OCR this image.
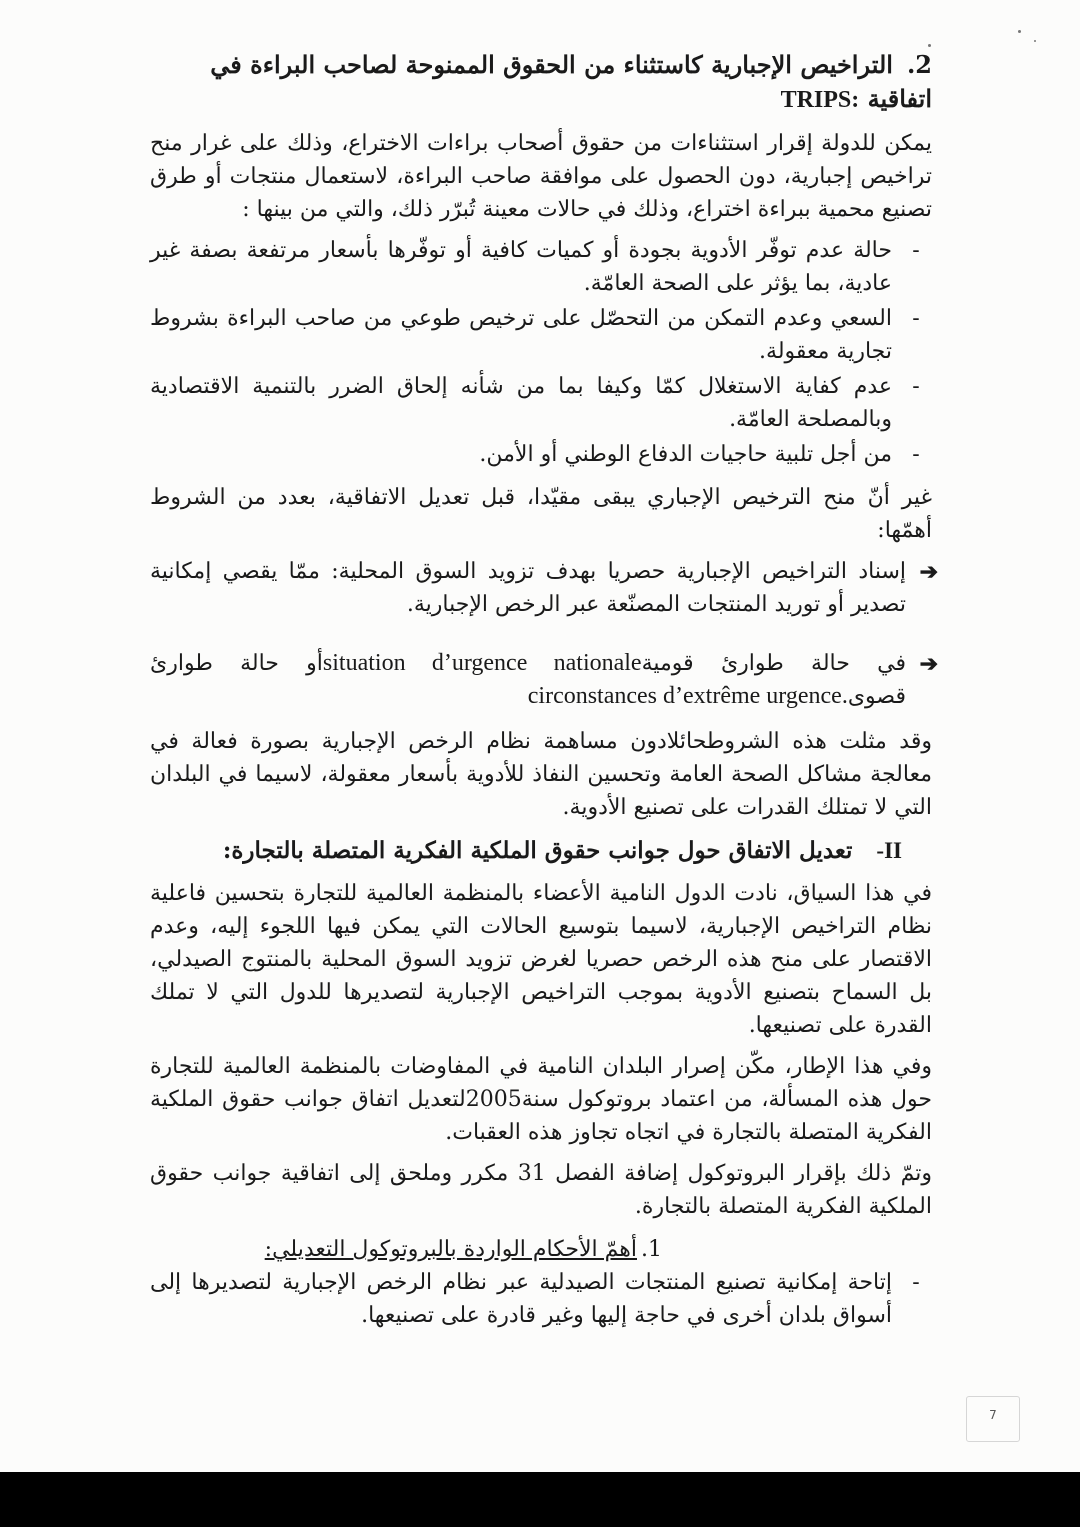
2.التراخيص الإجبارية كاستثناء من الحقوق الممنوحة لصاحب البراءة في
اتفاقية TRIPS:

يمكن للدولة إقرار استثناءات من حقوق أصحاب براءات الاختراع، وذلك على غرار منح تراخيص إجبارية، دون الحصول على موافقة صاحب البراءة، لاستعمال منتجات أو طرق تصنيع محمية ببراءة اختراع، وذلك في حالات معينة تُبرّر ذلك، والتي من بينها :

-
حالة عدم توفّر الأدوية بجودة أو كميات كافية أو توفّرها بأسعار مرتفعة بصفة غير عادية، بما يؤثر على الصحة العامّة.
-
السعي وعدم التمكن من التحصّل على ترخيص طوعي من صاحب البراءة بشروط تجارية معقولة.
-
عدم كفاية الاستغلال كمّا وكيفا بما من شأنه إلحاق الضرر بالتنمية الاقتصادية وبالمصلحة العامّة.
-
من أجل تلبية حاجيات الدفاع الوطني أو الأمن.

غير أنّ منح الترخيص الإجباري يبقى مقيّدا، قبل تعديل الاتفاقية، بعدد من الشروط أهمّها:

➔
إسناد التراخيص الإجبارية حصريا بهدف تزويد السوق المحلية: ممّا يقصي إمكانية تصدير أو توريد المنتجات المصنّعة عبر الرخص الإجبارية.
➔
في حالة طوارئ قوميةsituation d’urgence nationaleأو حالة طوارئ قصوىcirconstances d’extrême urgence.

وقد مثلت هذه الشروطحائلادون مساهمة نظام الرخص الإجبارية بصورة فعالة في معالجة مشاكل الصحة العامة وتحسين النفاذ للأدوية بأسعار معقولة، لاسيما في البلدان التي لا تمتلك القدرات على تصنيع الأدوية.

II-تعديل الاتفاق حول جوانب حقوق الملكية الفكرية المتصلة بالتجارة:

في هذا السياق، نادت الدول النامية الأعضاء بالمنظمة العالمية للتجارة بتحسين فاعلية نظام التراخيص الإجبارية، لاسيما بتوسيع الحالات التي يمكن فيها اللجوء إليه، وعدم الاقتصار على منح هذه الرخص حصريا لغرض تزويد السوق المحلية بالمنتوج الصيدلي، بل السماح بتصنيع الأدوية بموجب التراخيص الإجبارية لتصديرها للدول التي لا تملك القدرة على تصنيعها.

وفي هذا الإطار، مكّن إصرار البلدان النامية في المفاوضات بالمنظمة العالمية للتجارة حول هذه المسألة، من اعتماد بروتوكول سنة2005لتعديل اتفاق جوانب حقوق الملكية الفكرية المتصلة بالتجارة في اتجاه تجاوز هذه العقبات.

وتمّ ذلك بإقرار البروتوكول إضافة الفصل 31 مكرر وملحق إلى اتفاقية جوانب حقوق الملكية الفكرية المتصلة بالتجارة.

1.أهمّ الأحكام الواردة بالبروتوكول التعديلي:
-
إتاحة إمكانية تصنيع المنتجات الصيدلية عبر نظام الرخص الإجبارية لتصديرها إلى أسواق بلدان أخرى في حاجة إليها وغير قادرة على تصنيعها.
7
